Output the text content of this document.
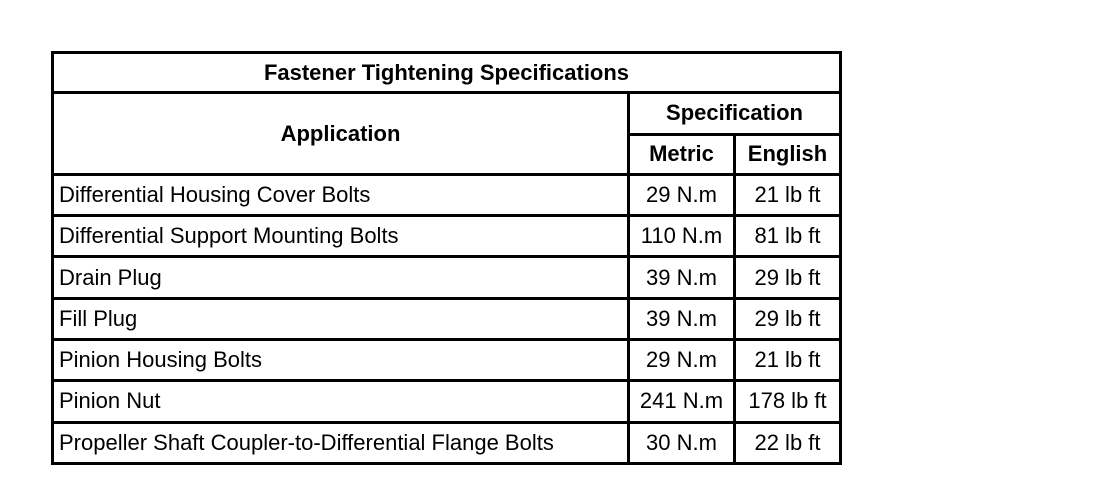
Fastener Tightening Specifications		
Application	Specification	
	Metric	English
Differential Housing Cover Bolts	29 N.m	21 lb ft
Differential Support Mounting Bolts	110 N.m	81 lb ft
Drain Plug	39 N.m	29 lb ft
Fill Plug	39 N.m	29 lb ft
Pinion Housing Bolts	29 N.m	21 lb ft
Pinion Nut	241 N.m	178 lb ft
Propeller Shaft Coupler-to-Differential Flange Bolts	30 N.m	22 lb ft
